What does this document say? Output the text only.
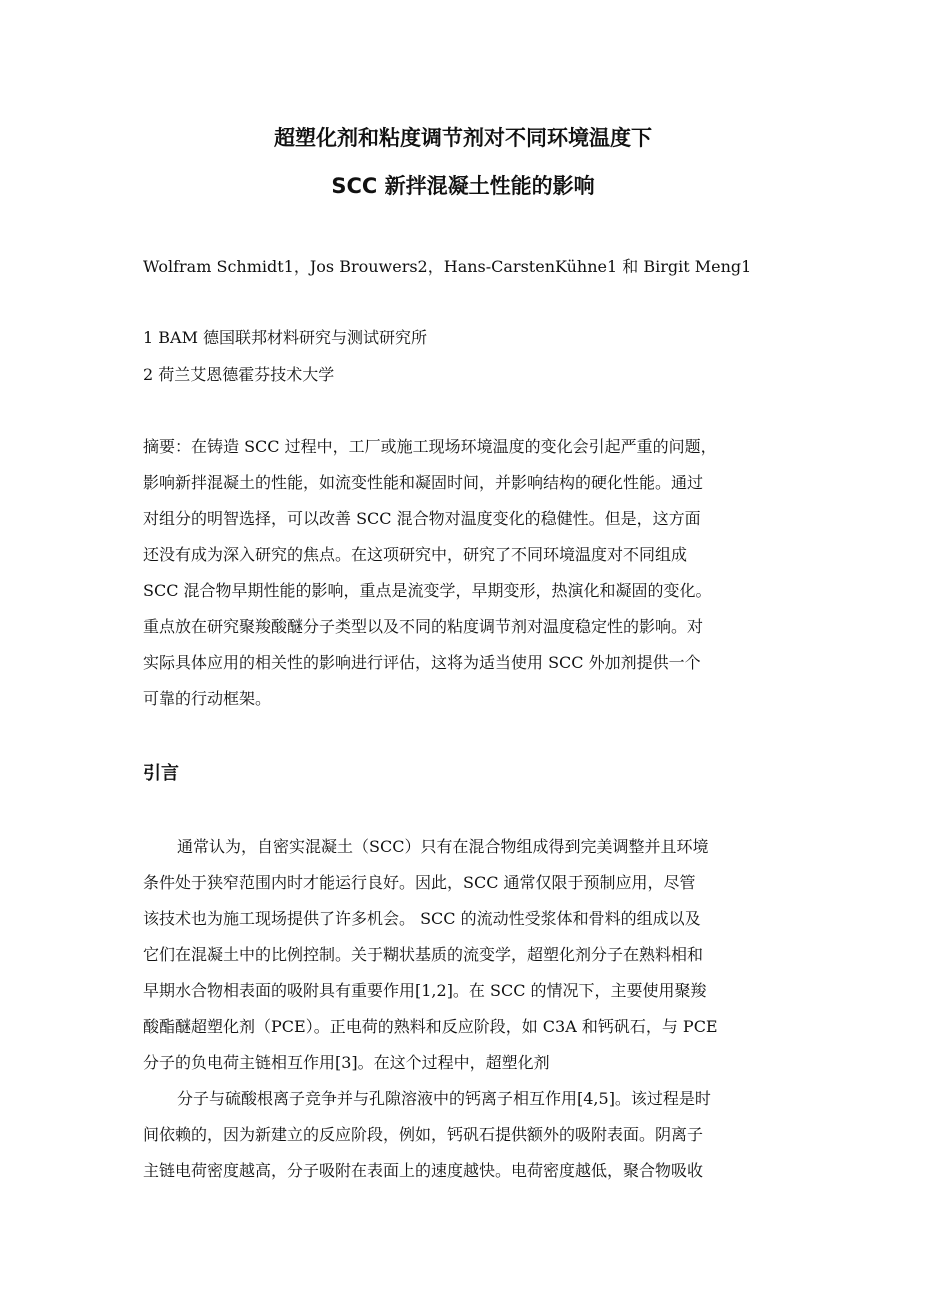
超塑化剂和粘度调节剂对不同环境温度下
SCC 新拌混凝土性能的影响
Wolfram Schmidt1，Jos Brouwers2，Hans-CarstenKühne1 和 Birgit Meng1
1 BAM 德国联邦材料研究与测试研究所
2 荷兰艾恩德霍芬技术大学
摘要：在铸造 SCC 过程中，工厂或施工现场环境温度的变化会引起严重的问题，
影响新拌混凝土的性能，如流变性能和凝固时间，并影响结构的硬化性能。通过
对组分的明智选择，可以改善 SCC 混合物对温度变化的稳健性。但是，这方面
还没有成为深入研究的焦点。在这项研究中，研究了不同环境温度对不同组成
SCC 混合物早期性能的影响，重点是流变学，早期变形，热演化和凝固的变化。
重点放在研究聚羧酸醚分子类型以及不同的粘度调节剂对温度稳定性的影响。对
实际具体应用的相关性的影响进行评估，这将为适当使用 SCC 外加剂提供一个
可靠的行动框架。
引言
通常认为，自密实混凝土（SCC）只有在混合物组成得到完美调整并且环境
条件处于狭窄范围内时才能运行良好。因此，SCC 通常仅限于预制应用，尽管
该技术也为施工现场提供了许多机会。 SCC 的流动性受浆体和骨料的组成以及
它们在混凝土中的比例控制。关于糊状基质的流变学，超塑化剂分子在熟料相和
早期水合物相表面的吸附具有重要作用[1,2]。在 SCC 的情况下，主要使用聚羧
酸酯醚超塑化剂（PCE）。正电荷的熟料和反应阶段，如 C3A 和钙矾石，与 PCE
分子的负电荷主链相互作用[3]。在这个过程中，超塑化剂
分子与硫酸根离子竞争并与孔隙溶液中的钙离子相互作用[4,5]。该过程是时
间依赖的，因为新建立的反应阶段，例如，钙矾石提供额外的吸附表面。阴离子
主链电荷密度越高，分子吸附在表面上的速度越快。电荷密度越低，聚合物吸收
